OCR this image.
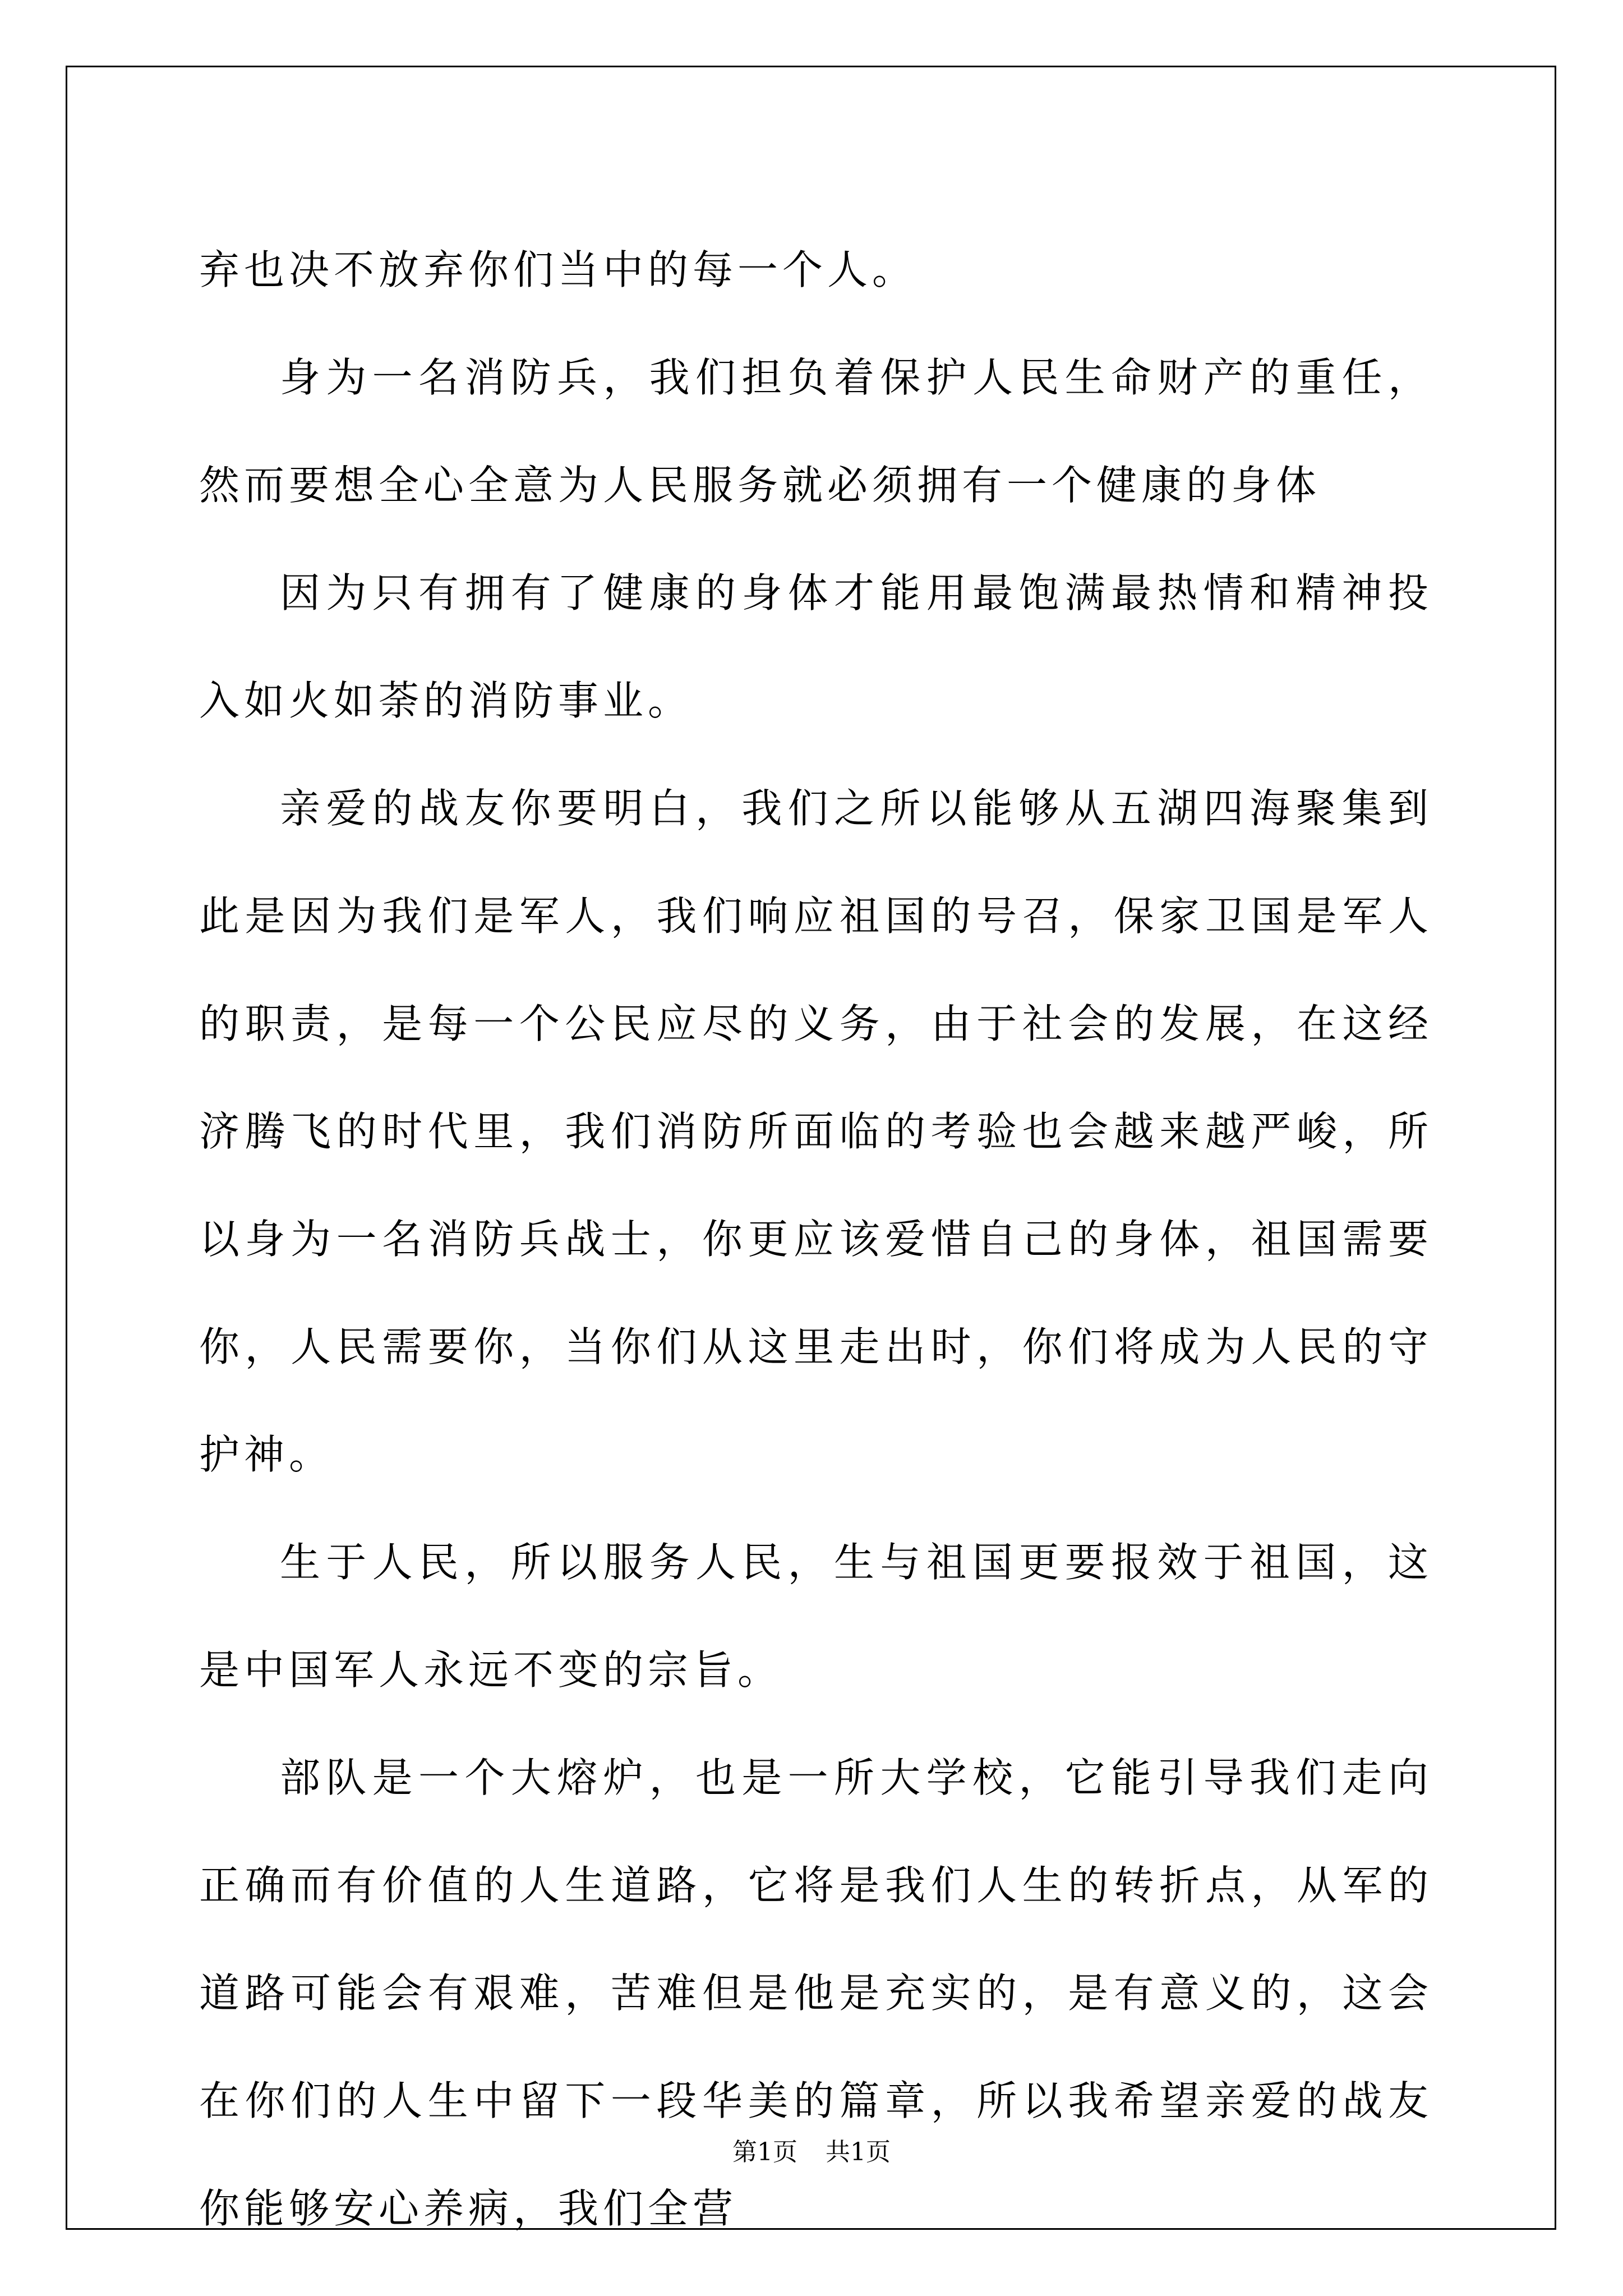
弃也决不放弃你们当中的每一个人。

身为一名消防兵，我们担负着保护人民生命财产的重任，然而要想全心全意为人民服务就必须拥有一个健康的身体

因为只有拥有了健康的身体才能用最饱满最热情和精神投入如火如荼的消防事业。

亲爱的战友你要明白，我们之所以能够从五湖四海聚集到此是因为我们是军人，我们响应祖国的号召，保家卫国是军人的职责，是每一个公民应尽的义务，由于社会的发展，在这经济腾飞的时代里，我们消防所面临的考验也会越来越严峻，所以身为一名消防兵战士，你更应该爱惜自己的身体，祖国需要你，人民需要你，当你们从这里走出时，你们将成为人民的守护神。

生于人民，所以服务人民，生与祖国更要报效于祖国，这是中国军人永远不变的宗旨。

部队是一个大熔炉，也是一所大学校，它能引导我们走向正确而有价值的人生道路，它将是我们人生的转折点，从军的道路可能会有艰难，苦难但是他是充实的，是有意义的，这会在你们的人生中留下一段华美的篇章，所以我希望亲爱的战友你能够安心养病，我们全营

第1页 共1页
